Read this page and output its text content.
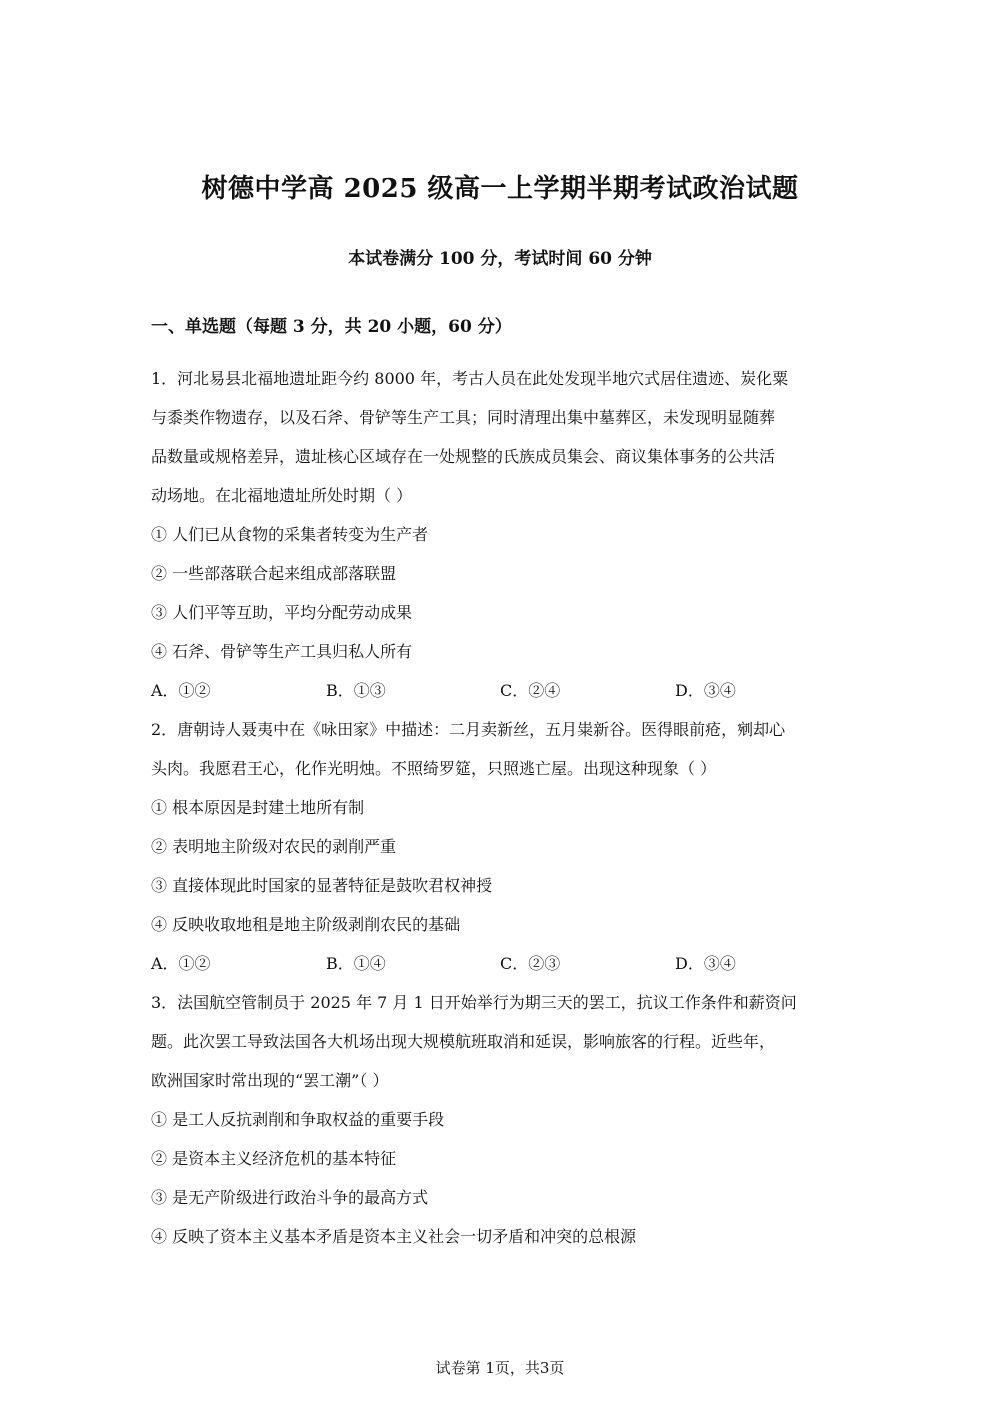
树德中学高 2025 级高一上学期半期考试政治试题
本试卷满分 100 分，考试时间 60 分钟
一、单选题（每题 3 分，共 20 小题，60 分）
1．河北易县北福地遗址距今约 8000 年，考古人员在此处发现半地穴式居住遗迹、炭化粟
与黍类作物遗存，以及石斧、骨铲等生产工具；同时清理出集中墓葬区，未发现明显随葬
品数量或规格差异，遗址核心区域存在一处规整的氏族成员集会、商议集体事务的公共活
动场地。在北福地遗址所处时期（ ）
① 人们已从食物的采集者转变为生产者
② 一些部落联合起来组成部落联盟
③ 人们平等互助，平均分配劳动成果
④ 石斧、骨铲等生产工具归私人所有
A．①②	B．①③	C．②④	D．③④
2．唐朝诗人聂夷中在《咏田家》中描述：二月卖新丝，五月粜新谷。医得眼前疮，剜却心
头肉。我愿君王心，化作光明烛。不照绮罗筵，只照逃亡屋。出现这种现象（ ）
① 根本原因是封建土地所有制
② 表明地主阶级对农民的剥削严重
③ 直接体现此时国家的显著特征是鼓吹君权神授
④ 反映收取地租是地主阶级剥削农民的基础
A．①②	B．①④	C．②③	D．③④
3．法国航空管制员于 2025 年 7 月 1 日开始举行为期三天的罢工，抗议工作条件和薪资问
题。此次罢工导致法国各大机场出现大规模航班取消和延误，影响旅客的行程。近些年，
欧洲国家时常出现的“罢工潮”（ ）
① 是工人反抗剥削和争取权益的重要手段
② 是资本主义经济危机的基本特征
③ 是无产阶级进行政治斗争的最高方式
④ 反映了资本主义基本矛盾是资本主义社会一切矛盾和冲突的总根源
试卷第 1页，共3页
